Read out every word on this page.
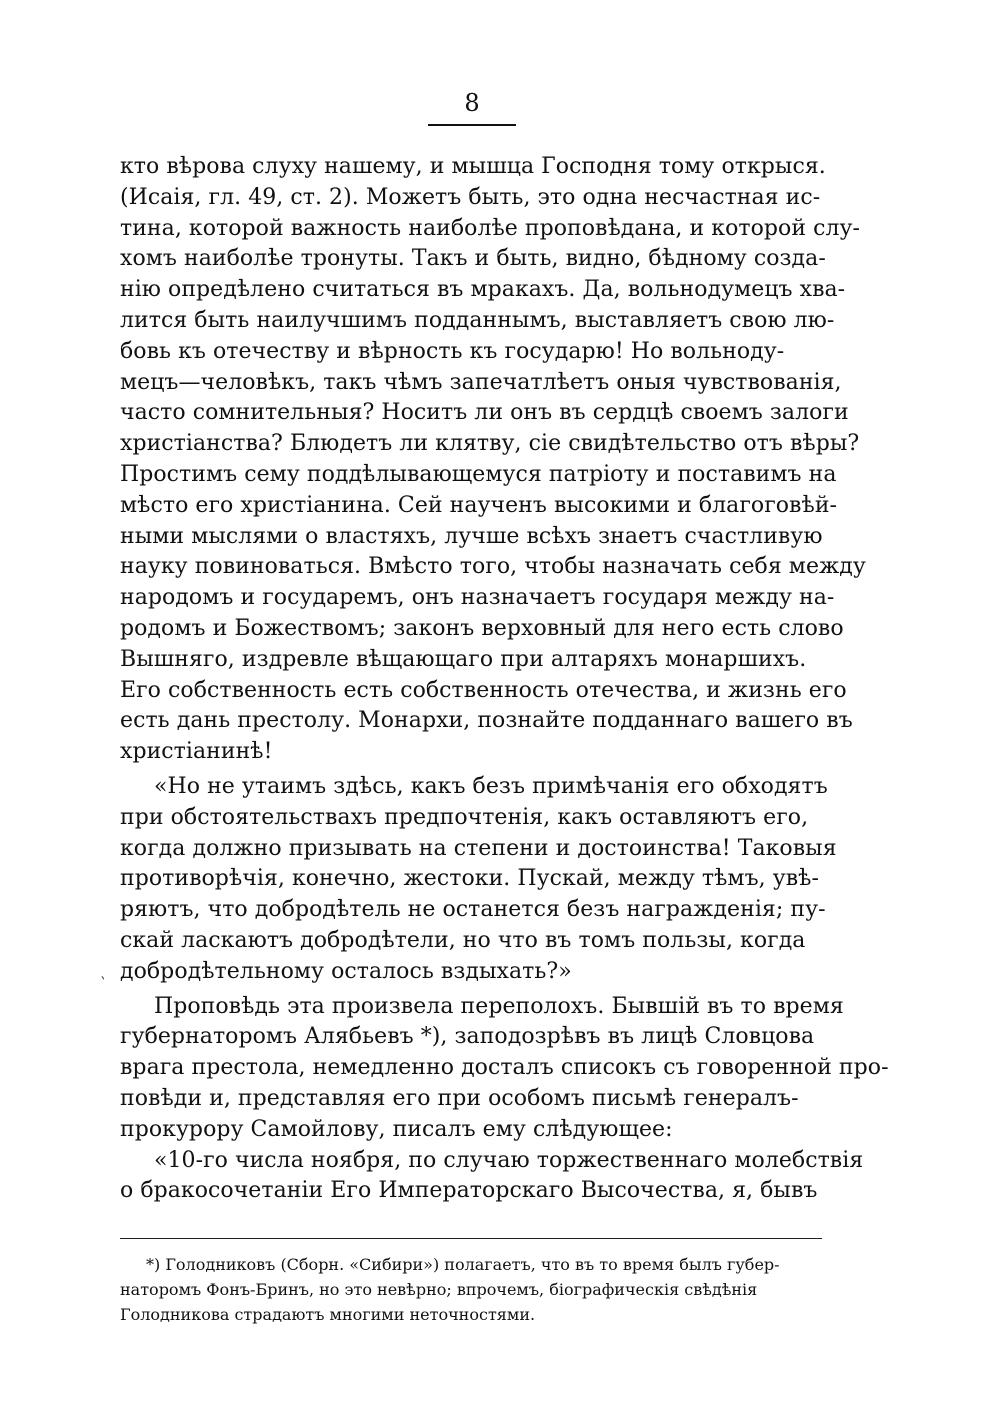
8
кто вѣрова слуху нашему, и мышца Господня тому открыся.
(Исаія, гл. 49, ст. 2). Можетъ быть, это одна несчастная ис-
тина, которой важность наиболѣе проповѣдана, и которой слу-
хомъ наиболѣе тронуты. Такъ и быть, видно, бѣдному созда-
нію опредѣлено считаться въ мракахъ. Да, вольнодумецъ хва-
лится быть наилучшимъ подданнымъ, выставляетъ свою лю-
бовь къ отечеству и вѣрность къ государю! Но вольноду-
мецъ—человѣкъ, такъ чѣмъ запечатлѣетъ оныя чувствованія,
часто сомнительныя? Носитъ ли онъ въ сердцѣ своемъ залоги
христіанства? Блюдетъ ли клятву, сіе свидѣтельство отъ вѣры?
Простимъ сему поддѣлывающемуся патріоту и поставимъ на
мѣсто его христіанина. Сей наученъ высокими и благоговѣй-
ными мыслями о властяхъ, лучше всѣхъ знаетъ счастливую
науку повиноваться. Вмѣсто того, чтобы назначать себя между
народомъ и государемъ, онъ назначаетъ государя между на-
родомъ и Божествомъ; законъ верховный для него есть слово
Вышняго, издревле вѣщающаго при алтаряхъ монаршихъ.
Его собственность есть собственность отечества, и жизнь его
есть дань престолу. Монархи, познайте подданнаго вашего въ
христіанинѣ!
«Но не утаимъ здѣсь, какъ безъ примѣчанія его обходятъ
при обстоятельствахъ предпочтенія, какъ оставляютъ его,
когда должно призывать на степени и достоинства! Таковыя
противорѣчія, конечно, жестоки. Пускай, между тѣмъ, увѣ-
ряютъ, что добродѣтель не останется безъ награжденія; пу-
скай ласкаютъ добродѣтели, но что въ томъ пользы, когда
добродѣтельному осталось вздыхать?»
Проповѣдь эта произвела переполохъ. Бывшій въ то время
губернаторомъ Алябьевъ *), заподозрѣвъ въ лицѣ Словцова
врага престола, немедленно досталъ списокъ съ говоренной про-
повѣди и, представляя его при особомъ письмѣ генералъ-
прокурору Самойлову, писалъ ему слѣдующее:
«10-го числа ноября, по случаю торжественнаго молебствія
о бракосочетаніи Его Императорскаго Высочества, я, бывъ
‵
*) Голодниковъ (Сборн. «Сибири») полагаетъ, что въ то время былъ губер-
наторомъ Фонъ-Бринъ, но это невѣрно; впрочемъ, біографическія свѣдѣнія
Голодникова страдаютъ многими неточностями.
